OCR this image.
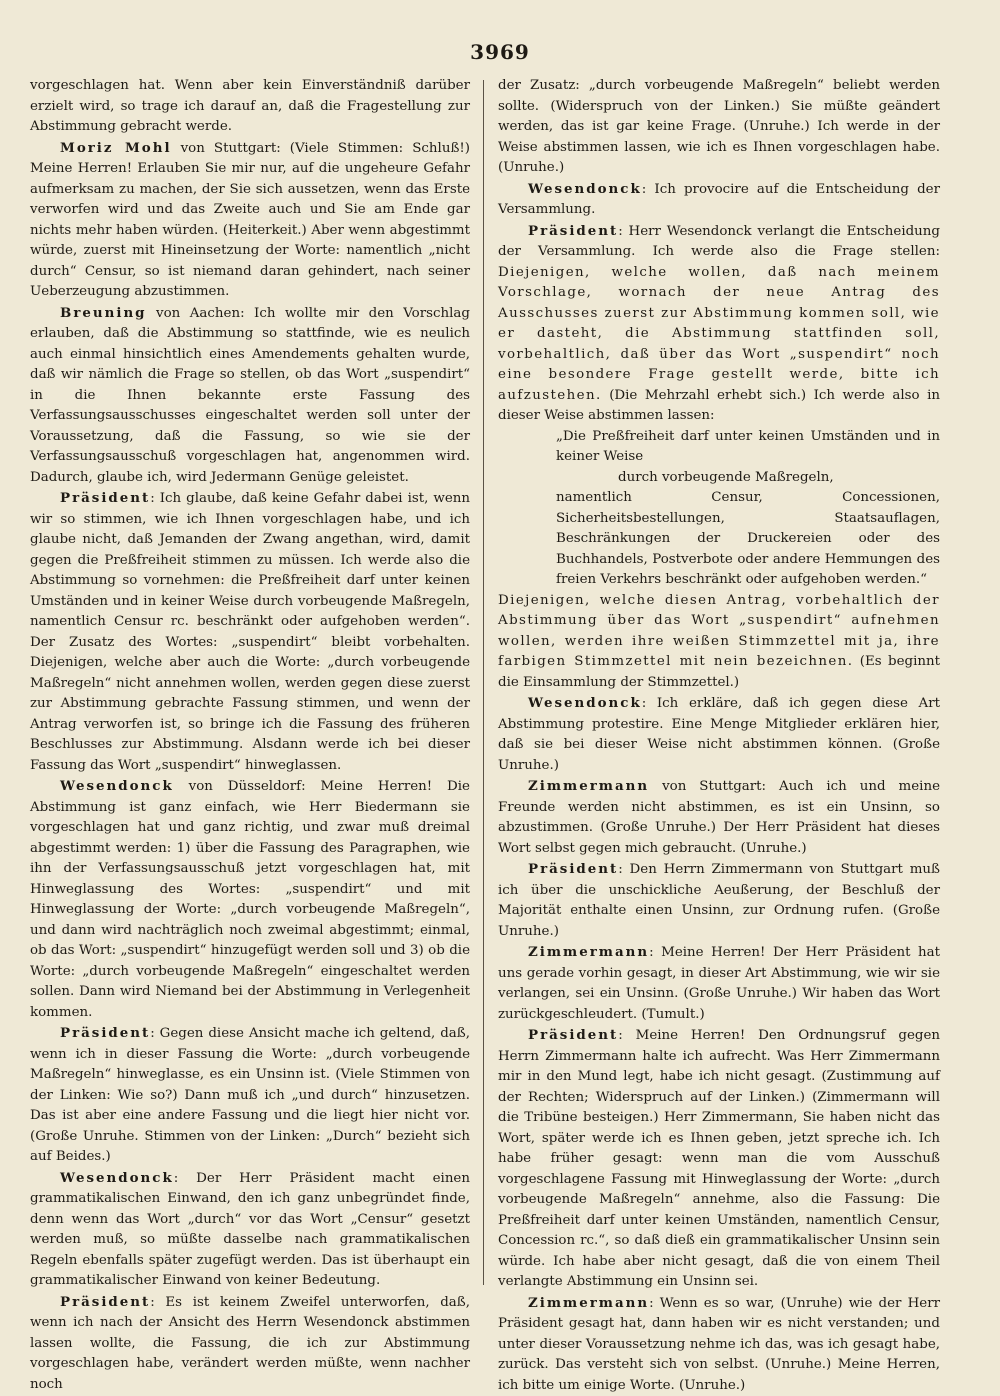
3969

vorgeschlagen hat. Wenn aber kein Einverständniß darüber erzielt wird, so trage ich darauf an, daß die Fragestellung zur Abstimmung gebracht werde.

Moriz Mohl von Stuttgart: (Viele Stimmen: Schluß!) Meine Herren! Erlauben Sie mir nur, auf die ungeheure Gefahr aufmerksam zu machen, der Sie sich aussetzen, wenn das Erste verworfen wird und das Zweite auch und Sie am Ende gar nichts mehr haben würden. (Heiterkeit.) Aber wenn abgestimmt würde, zuerst mit Hineinsetzung der Worte: namentlich „nicht durch“ Censur, so ist niemand daran gehindert, nach seiner Ueberzeugung abzustimmen.

Breuning von Aachen: Ich wollte mir den Vorschlag erlauben, daß die Abstimmung so stattfinde, wie es neulich auch einmal hinsichtlich eines Amendements gehalten wurde, daß wir nämlich die Frage so stellen, ob das Wort „suspendirt“ in die Ihnen bekannte erste Fassung des Verfassungsausschusses eingeschaltet werden soll unter der Voraussetzung, daß die Fassung, so wie sie der Verfassungsausschuß vorgeschlagen hat, angenommen wird. Dadurch, glaube ich, wird Jedermann Genüge geleistet.

Präsident: Ich glaube, daß keine Gefahr dabei ist, wenn wir so stimmen, wie ich Ihnen vorgeschlagen habe, und ich glaube nicht, daß Jemanden der Zwang angethan, wird, damit gegen die Preßfreiheit stimmen zu müssen. Ich werde also die Abstimmung so vornehmen: die Preßfreiheit darf unter keinen Umständen und in keiner Weise durch vorbeugende Maßregeln, namentlich Censur rc. beschränkt oder aufgehoben werden“. Der Zusatz des Wortes: „suspendirt“ bleibt vorbehalten. Diejenigen, welche aber auch die Worte: „durch vorbeugende Maßregeln“ nicht annehmen wollen, werden gegen diese zuerst zur Abstimmung gebrachte Fassung stimmen, und wenn der Antrag verworfen ist, so bringe ich die Fassung des früheren Beschlusses zur Abstimmung. Alsdann werde ich bei dieser Fassung das Wort „suspendirt“ hinweglassen.

Wesendonck von Düsseldorf: Meine Herren! Die Abstimmung ist ganz einfach, wie Herr Biedermann sie vorgeschlagen hat und ganz richtig, und zwar muß dreimal abgestimmt werden: 1) über die Fassung des Paragraphen, wie ihn der Verfassungsausschuß jetzt vorgeschlagen hat, mit Hinweglassung des Wortes: „suspendirt“ und mit Hinweglassung der Worte: „durch vorbeugende Maßregeln“, und dann wird nachträglich noch zweimal abgestimmt; einmal, ob das Wort: „suspendirt“ hinzugefügt werden soll und 3) ob die Worte: „durch vorbeugende Maßregeln“ eingeschaltet werden sollen. Dann wird Niemand bei der Abstimmung in Verlegenheit kommen.

Präsident: Gegen diese Ansicht mache ich geltend, daß, wenn ich in dieser Fassung die Worte: „durch vorbeugende Maßregeln“ hinweglasse, es ein Unsinn ist. (Viele Stimmen von der Linken: Wie so?) Dann muß ich „und durch“ hinzusetzen. Das ist aber eine andere Fassung und die liegt hier nicht vor. (Große Unruhe. Stimmen von der Linken: „Durch“ bezieht sich auf Beides.)

Wesendonck: Der Herr Präsident macht einen grammatikalischen Einwand, den ich ganz unbegründet finde, denn wenn das Wort „durch“ vor das Wort „Censur“ gesetzt werden muß, so müßte dasselbe nach grammatikalischen Regeln ebenfalls später zugefügt werden. Das ist überhaupt ein grammatikalischer Einwand von keiner Bedeutung.

Präsident: Es ist keinem Zweifel unterworfen, daß, wenn ich nach der Ansicht des Herrn Wesendonck abstimmen lassen wollte, die Fassung, die ich zur Abstimmung vorgeschlagen habe, verändert werden müßte, wenn nachher noch

der Zusatz: „durch vorbeugende Maßregeln“ beliebt werden sollte. (Widerspruch von der Linken.) Sie müßte geändert werden, das ist gar keine Frage. (Unruhe.) Ich werde in der Weise abstimmen lassen, wie ich es Ihnen vorgeschlagen habe. (Unruhe.)

Wesendonck: Ich provocire auf die Entscheidung der Versammlung.

Präsident: Herr Wesendonck verlangt die Entscheidung der Versammlung. Ich werde also die Frage stellen: Diejenigen, welche wollen, daß nach meinem Vorschlage, wornach der neue Antrag des Ausschusses zuerst zur Abstimmung kommen soll, wie er dasteht, die Abstimmung stattfinden soll, vorbehaltlich, daß über das Wort „suspendirt“ noch eine besondere Frage gestellt werde, bitte ich aufzustehen. (Die Mehrzahl erhebt sich.) Ich werde also in dieser Weise abstimmen lassen:

„Die Preßfreiheit darf unter keinen Umständen und in keiner Weise

durch vorbeugende Maßregeln,

namentlich Censur, Concessionen, Sicherheitsbestellungen, Staatsauflagen, Beschränkungen der Druckereien oder des Buchhandels, Postverbote oder andere Hemmungen des freien Verkehrs beschränkt oder aufgehoben werden.“

Diejenigen, welche diesen Antrag, vorbehaltlich der Abstimmung über das Wort „suspendirt“ aufnehmen wollen, werden ihre weißen Stimmzettel mit ja, ihre farbigen Stimmzettel mit nein bezeichnen. (Es beginnt die Einsammlung der Stimmzettel.)

Wesendonck: Ich erkläre, daß ich gegen diese Art Abstimmung protestire. Eine Menge Mitglieder erklären hier, daß sie bei dieser Weise nicht abstimmen können. (Große Unruhe.)

Zimmermann von Stuttgart: Auch ich und meine Freunde werden nicht abstimmen, es ist ein Unsinn, so abzustimmen. (Große Unruhe.) Der Herr Präsident hat dieses Wort selbst gegen mich gebraucht. (Unruhe.)

Präsident: Den Herrn Zimmermann von Stuttgart muß ich über die unschickliche Aeußerung, der Beschluß der Majorität enthalte einen Unsinn, zur Ordnung rufen. (Große Unruhe.)

Zimmermann: Meine Herren! Der Herr Präsident hat uns gerade vorhin gesagt, in dieser Art Abstimmung, wie wir sie verlangen, sei ein Unsinn. (Große Unruhe.) Wir haben das Wort zurückgeschleudert. (Tumult.)

Präsident: Meine Herren! Den Ordnungsruf gegen Herrn Zimmermann halte ich aufrecht. Was Herr Zimmermann mir in den Mund legt, habe ich nicht gesagt. (Zustimmung auf der Rechten; Widerspruch auf der Linken.) (Zimmermann will die Tribüne besteigen.) Herr Zimmermann, Sie haben nicht das Wort, später werde ich es Ihnen geben, jetzt spreche ich. Ich habe früher gesagt: wenn man die vom Ausschuß vorgeschlagene Fassung mit Hinweglassung der Worte: „durch vorbeugende Maßregeln“ annehme, also die Fassung: Die Preßfreiheit darf unter keinen Umständen, namentlich Censur, Concession rc.“, so daß dieß ein grammatikalischer Unsinn sein würde. Ich habe aber nicht gesagt, daß die von einem Theil verlangte Abstimmung ein Unsinn sei.

Zimmermann: Wenn es so war, (Unruhe) wie der Herr Präsident gesagt hat, dann haben wir es nicht verstanden; und unter dieser Voraussetzung nehme ich das, was ich gesagt habe, zurück. Das versteht sich von selbst. (Unruhe.) Meine Herren, ich bitte um einige Worte. (Unruhe.)
